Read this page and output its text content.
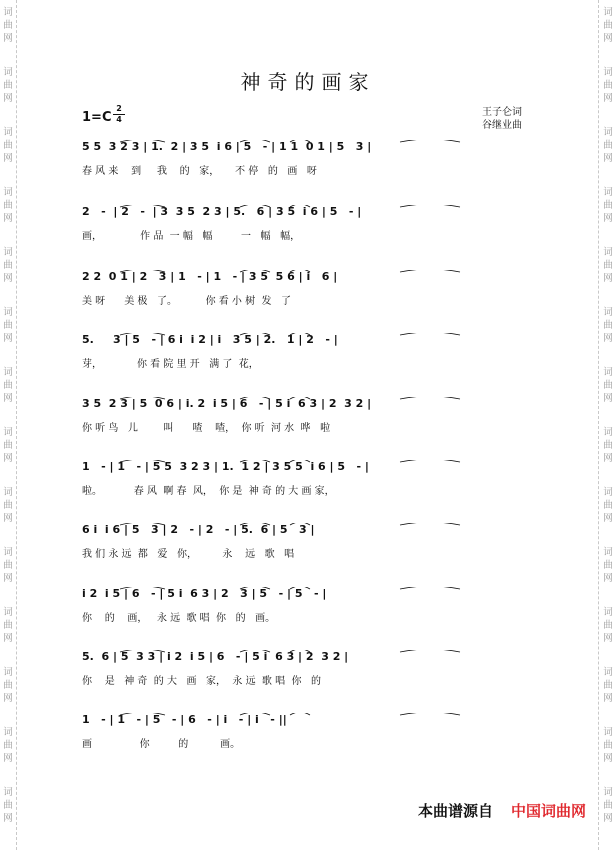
词
曲
网
词
曲
网
词
曲
网
词
曲
网
词
曲
网
词
曲
网
词
曲
网
词
曲
网
词
曲
网
词
曲
网
词
曲
网
词
曲
网
词
曲
网
词
曲
网
词
曲
网
词
曲
网
词
曲
网
词
曲
网
词
曲
网
词
曲
网
词
曲
网
词
曲
网
词
曲
网
词
曲
网
词
曲
网
词
曲
网
词
曲
网
词
曲
网
神奇的画家
王子仑词
谷继业曲
$1=C \frac{2}{4}$
5 5  3 2 3 | 1.  2 | 3 5  i 6 | 5   - | 1 1  0 1 | 5   3 |
春 风 来    到     我    的   家，     不 停   的   画   呀
2   -  | 2   -  | 3  3 5  2 3 | 5.   6 | 3 5  i 6 | 5   - |
画，            作 品  一 幅   幅         一   幅   幅，
2 2  0 1 | 2   3 | 1   - | 1   - | 3 5  5 6 | i   6 |
美 呀      美 极   了。         你 看 小 树  发   了
5.     3 | 5   - | 6 i  i 2 | i   3 5 | 2.   1 | 2   - |
芽，           你 看 院 里 开   满 了  花，
3 5  2 3 | 5  0 6 | i. 2  i 5 | 6   - | 5 i  6 3 | 2  3 2 |
你 听 鸟   儿        叫      喳    喳，  你 听  河 水  哗   啦
1   - | 1   - | 5 5  3 2 3 | 1.  1 2 | 3 5 5  i 6 | 5   - |
啦。          春 风  啊 春  风，  你 是  神 奇 的 大 画 家，
6 i  i 6 | 5   3 | 2   - | 2   - | 5.  6 | 5   3 |
我 们 永 远  都   爱   你，        永    远   歌   唱
i 2  i 5 | 6   - | 5 i  6 3 | 2   3 | 5   - | 5   - |
你    的    画，   永 远  歌 唱  你   的   画。
5.  6 | 5  3 3 | i 2  i 5 | 6   - | 5 i  6 3 | 2  3 2 |
你    是   神 奇  的 大   画   家，  永 远  歌 唱  你   的
1   - | 1   - | 5   - | 6   - | i   - | i   - ||
画               你         的          画。
本曲谱源自 中国词曲网
